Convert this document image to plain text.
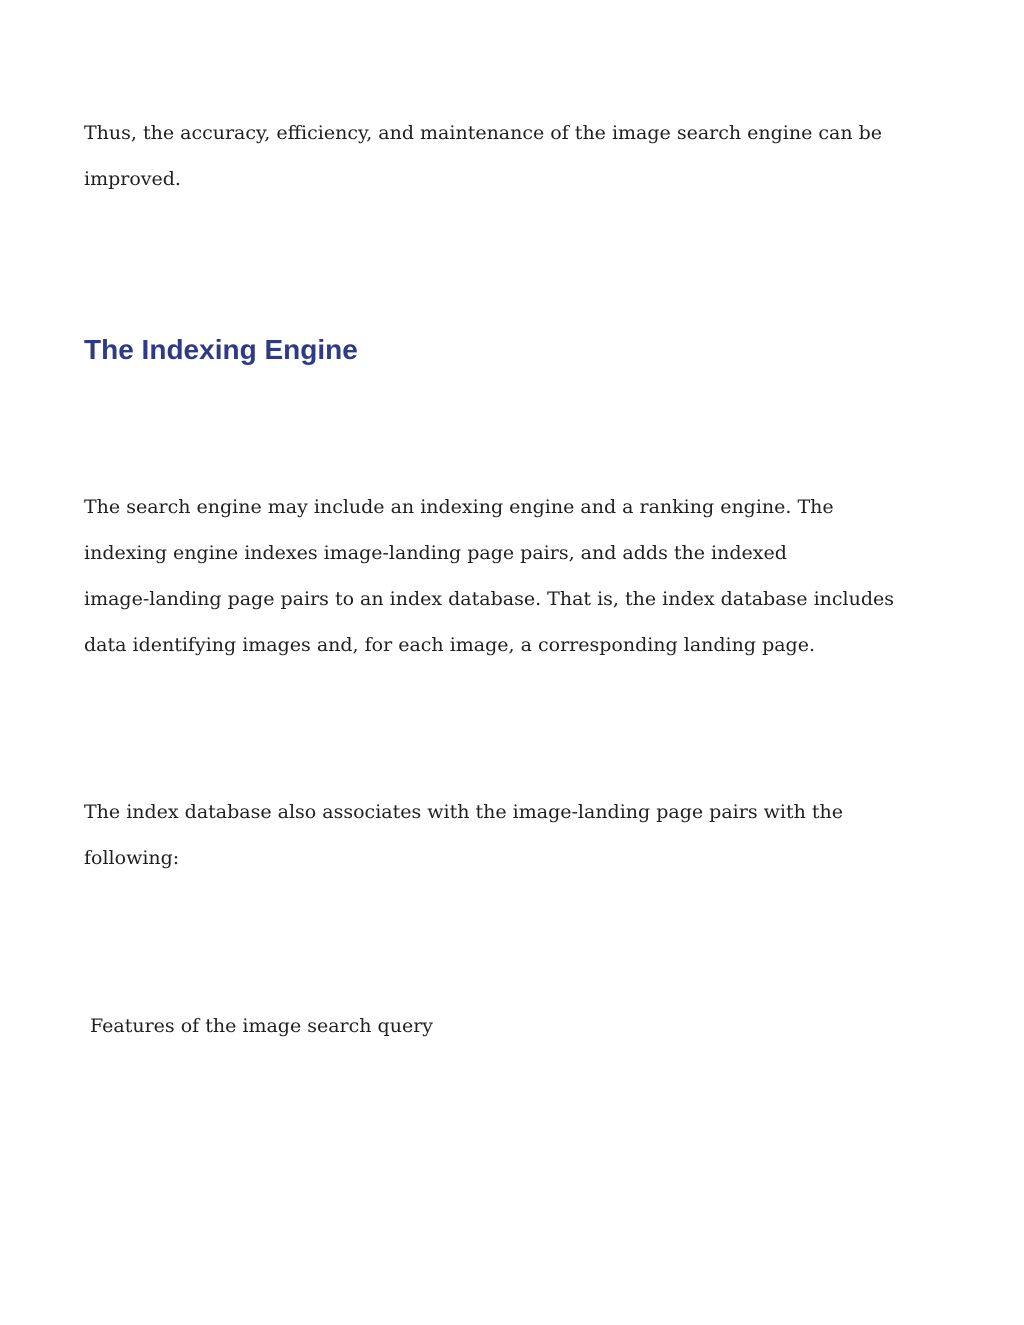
Thus, the accuracy, efficiency, and maintenance of the image search engine can be
improved.

The Indexing Engine

The search engine may include an indexing engine and a ranking engine. The
indexing engine indexes image-landing page pairs, and adds the indexed
image-landing page pairs to an index database. That is, the index database includes
data identifying images and, for each image, a corresponding landing page.

The index database also associates with the image-landing page pairs with the
following:

Features of the image search query
